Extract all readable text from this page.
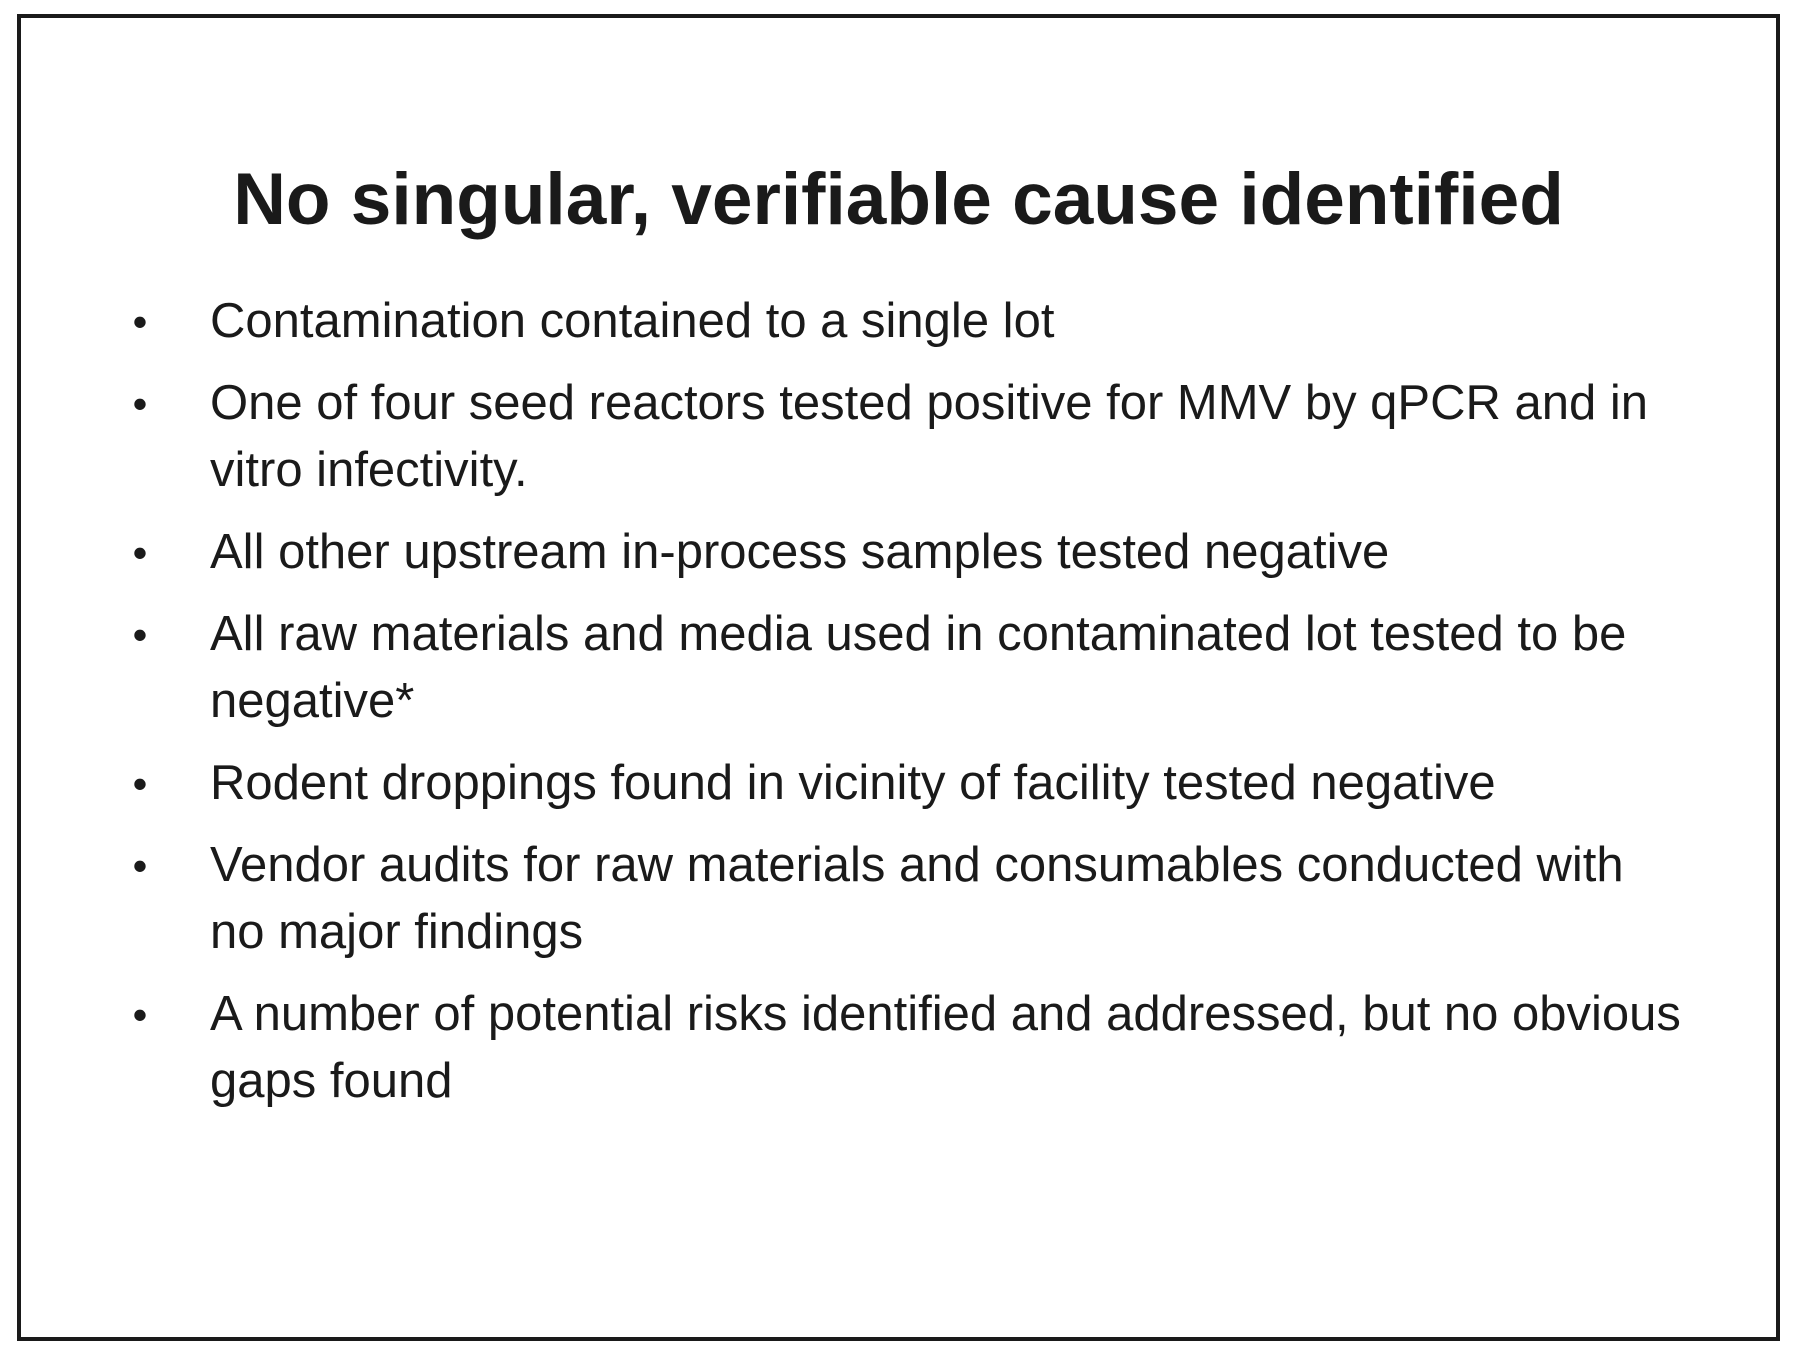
No singular, verifiable cause identified
• Contamination contained to a single lot
• One of four seed reactors tested positive for MMV by qPCR and in vitro infectivity.
• All other upstream in-process samples tested negative
• All raw materials and media used in contaminated lot tested to be negative*
• Rodent droppings found in vicinity of facility tested negative
• Vendor audits for raw materials and consumables conducted with no major findings
• A number of potential risks identified and addressed, but no obvious gaps found
